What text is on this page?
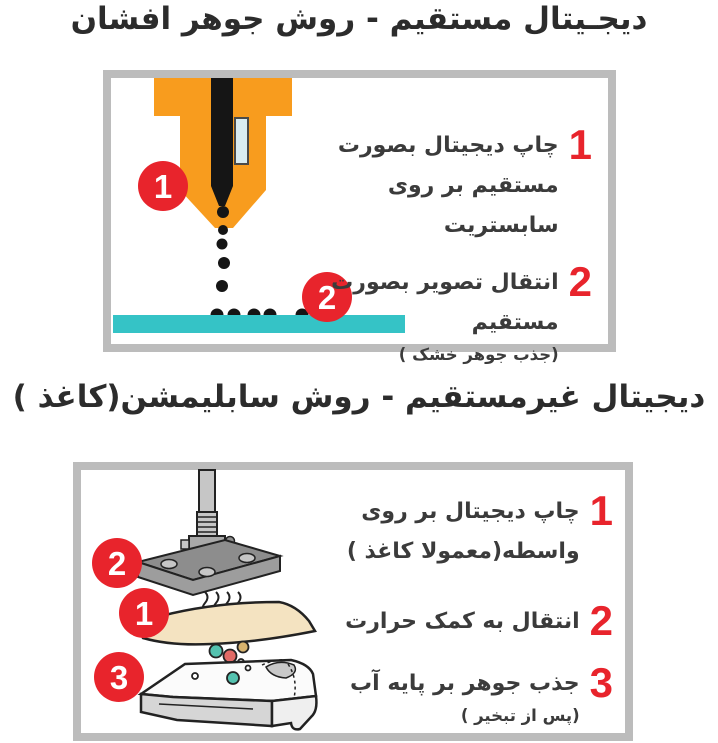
دیجـیتال مستقیم - روش جوهر افشان
1
2
1
چاپ دیجیتال بصورت
مستقیم بر روی سابستریت
2
انتقال تصویر بصورت مستقیم
(جذب جوهر خشک )
دیجیتال غیرمستقیم - روش سابلیمشن(کاغذ )
2
1
3
1
چاپ دیجیتال بر روی
واسطه(معمولا کاغذ )
2
انتقال به کمک حرارت
3
جذب جوهر بر پایه آب
(پس از تبخیر )
